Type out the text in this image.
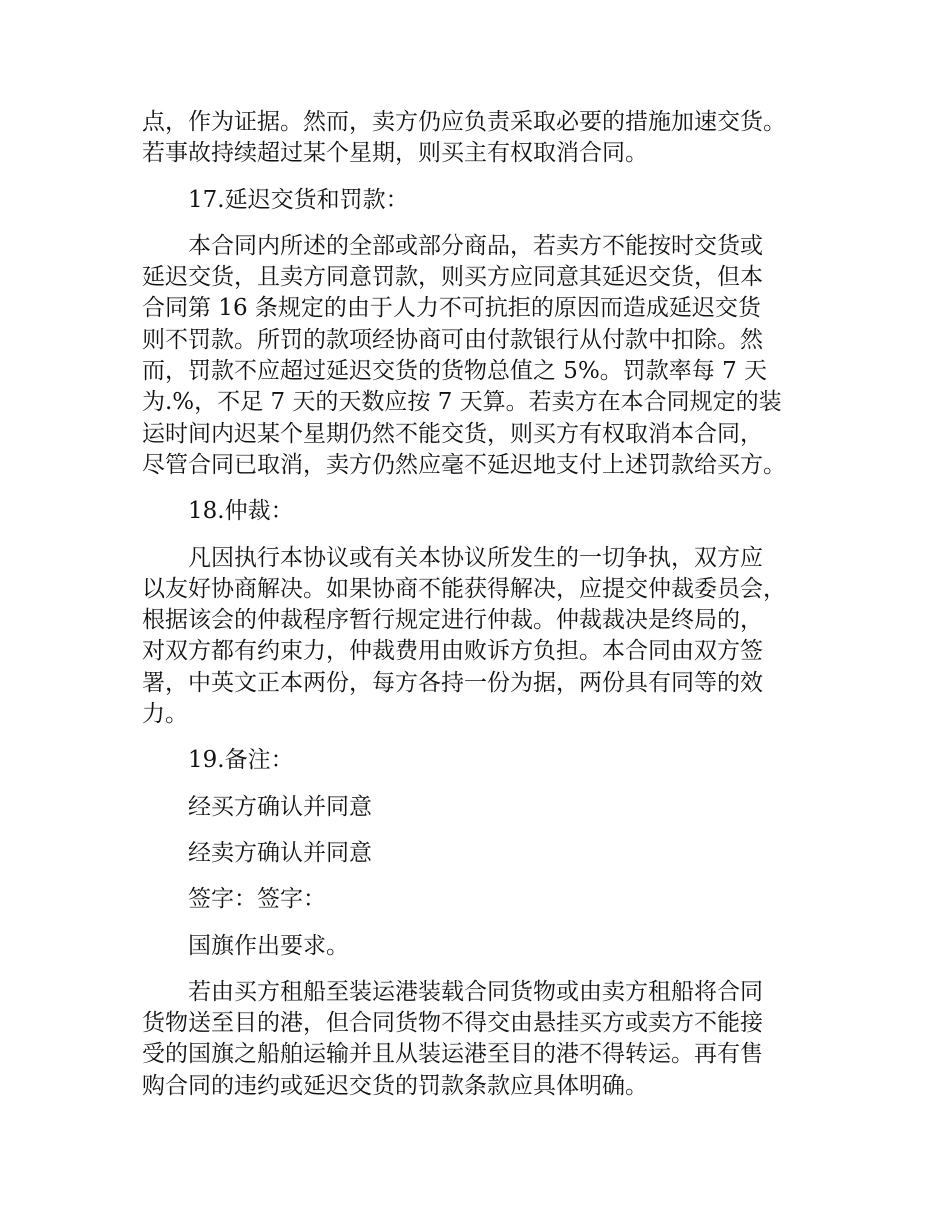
点，作为证据。然而，卖方仍应负责采取必要的措施加速交货。
若事故持续超过某个星期，则买主有权取消合同。

17.延迟交货和罚款：

本合同内所述的全部或部分商品，若卖方不能按时交货或
延迟交货，且卖方同意罚款，则买方应同意其延迟交货，但本
合同第 16 条规定的由于人力不可抗拒的原因而造成延迟交货
则不罚款。所罚的款项经协商可由付款银行从付款中扣除。然
而，罚款不应超过延迟交货的货物总值之 5%。罚款率每 7 天
为.%，不足 7 天的天数应按 7 天算。若卖方在本合同规定的装
运时间内迟某个星期仍然不能交货，则买方有权取消本合同，
尽管合同已取消，卖方仍然应毫不延迟地支付上述罚款给买方。

18.仲裁：

凡因执行本协议或有关本协议所发生的一切争执，双方应
以友好协商解决。如果协商不能获得解决，应提交仲裁委员会，
根据该会的仲裁程序暂行规定进行仲裁。仲裁裁决是终局的，
对双方都有约束力，仲裁费用由败诉方负担。本合同由双方签
署，中英文正本两份，每方各持一份为据，两份具有同等的效
力。

19.备注：

经买方确认并同意

经卖方确认并同意

签字：签字：

国旗作出要求。

若由买方租船至装运港装载合同货物或由卖方租船将合同
货物送至目的港，但合同货物不得交由悬挂买方或卖方不能接
受的国旗之船舶运输并且从装运港至目的港不得转运。再有售
购合同的违约或延迟交货的罚款条款应具体明确。
